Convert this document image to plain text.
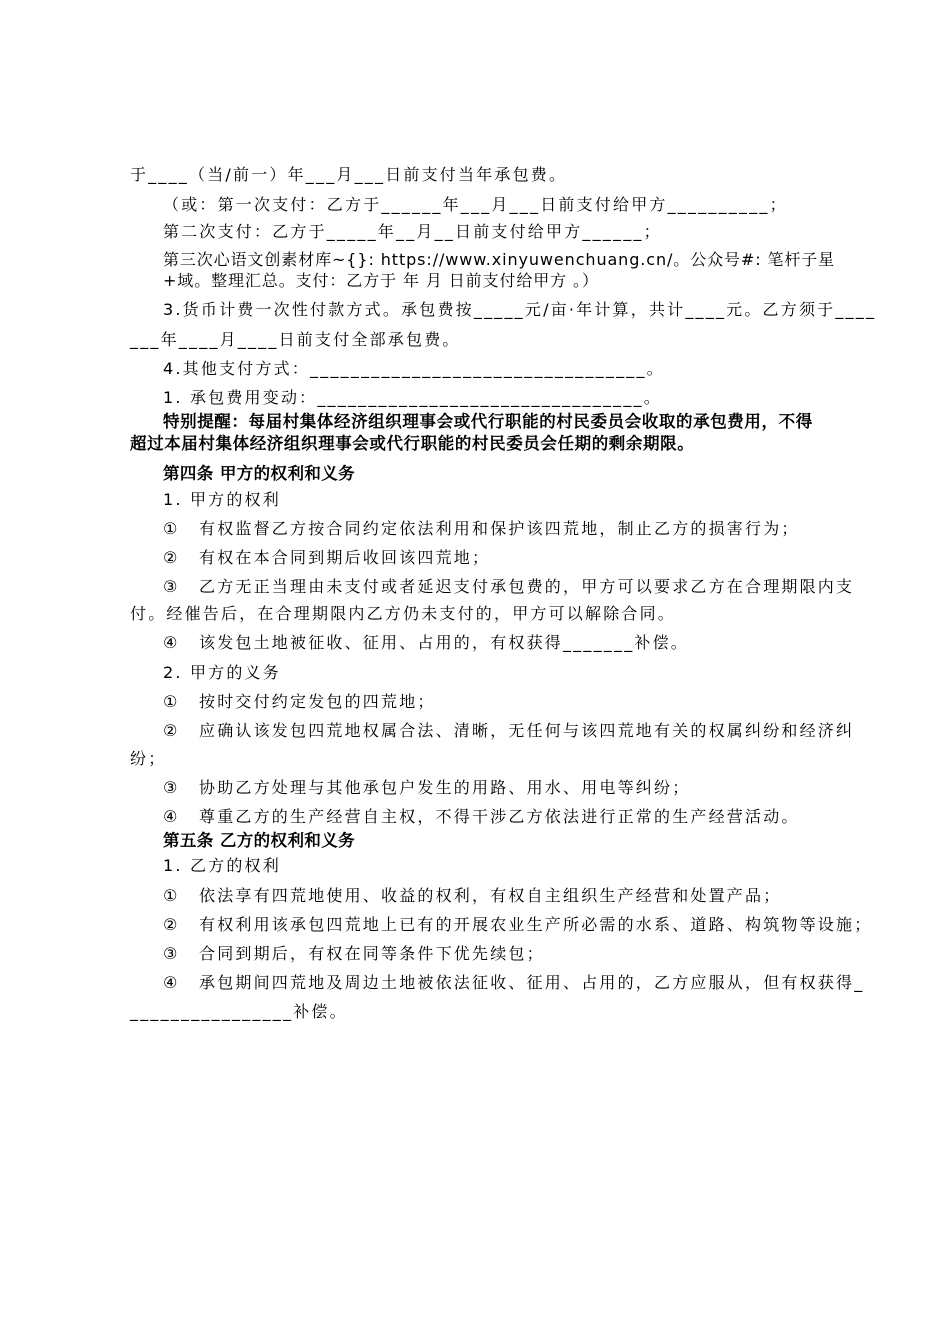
于____（当/前一）年___月___日前支付当年承包费。
（或：第一次支付：乙方于______年___月___日前支付给甲方__________；
第二次支付：乙方于_____年__月__日前支付给甲方______；
第三次心语文创素材库~{}: https://www.xinyuwenchuang.cn/。公众号#: 笔杆子星+域。整理汇总。支付：乙方于 年 月 日前支付给甲方 。）
3.货币计费一次性付款方式。承包费按_____元/亩·年计算，共计____元。乙方须于____
___年____月____日前支付全部承包费。
4.其他支付方式：_________________________________。
1. 承包费用变动：________________________________。
特别提醒：每届村集体经济组织理事会或代行职能的村民委员会收取的承包费用，不得
超过本届村集体经济组织理事会或代行职能的村民委员会任期的剩余期限。
第四条 甲方的权利和义务
1. 甲方的权利
① 有权监督乙方按合同约定依法利用和保护该四荒地，制止乙方的损害行为；
② 有权在本合同到期后收回该四荒地；
③ 乙方无正当理由未支付或者延迟支付承包费的，甲方可以要求乙方在合理期限内支
付。经催告后，在合理期限内乙方仍未支付的，甲方可以解除合同。
④ 该发包土地被征收、征用、占用的，有权获得_______补偿。
2. 甲方的义务
① 按时交付约定发包的四荒地；
② 应确认该发包四荒地权属合法、清晰，无任何与该四荒地有关的权属纠纷和经济纠
纷；
③ 协助乙方处理与其他承包户发生的用路、用水、用电等纠纷；
④ 尊重乙方的生产经营自主权，不得干涉乙方依法进行正常的生产经营活动。
第五条 乙方的权利和义务
1. 乙方的权利
① 依法享有四荒地使用、收益的权利，有权自主组织生产经营和处置产品；
② 有权利用该承包四荒地上已有的开展农业生产所必需的水系、道路、构筑物等设施；
③ 合同到期后，有权在同等条件下优先续包；
④ 承包期间四荒地及周边土地被依法征收、征用、占用的，乙方应服从，但有权获得_
________________补偿。
